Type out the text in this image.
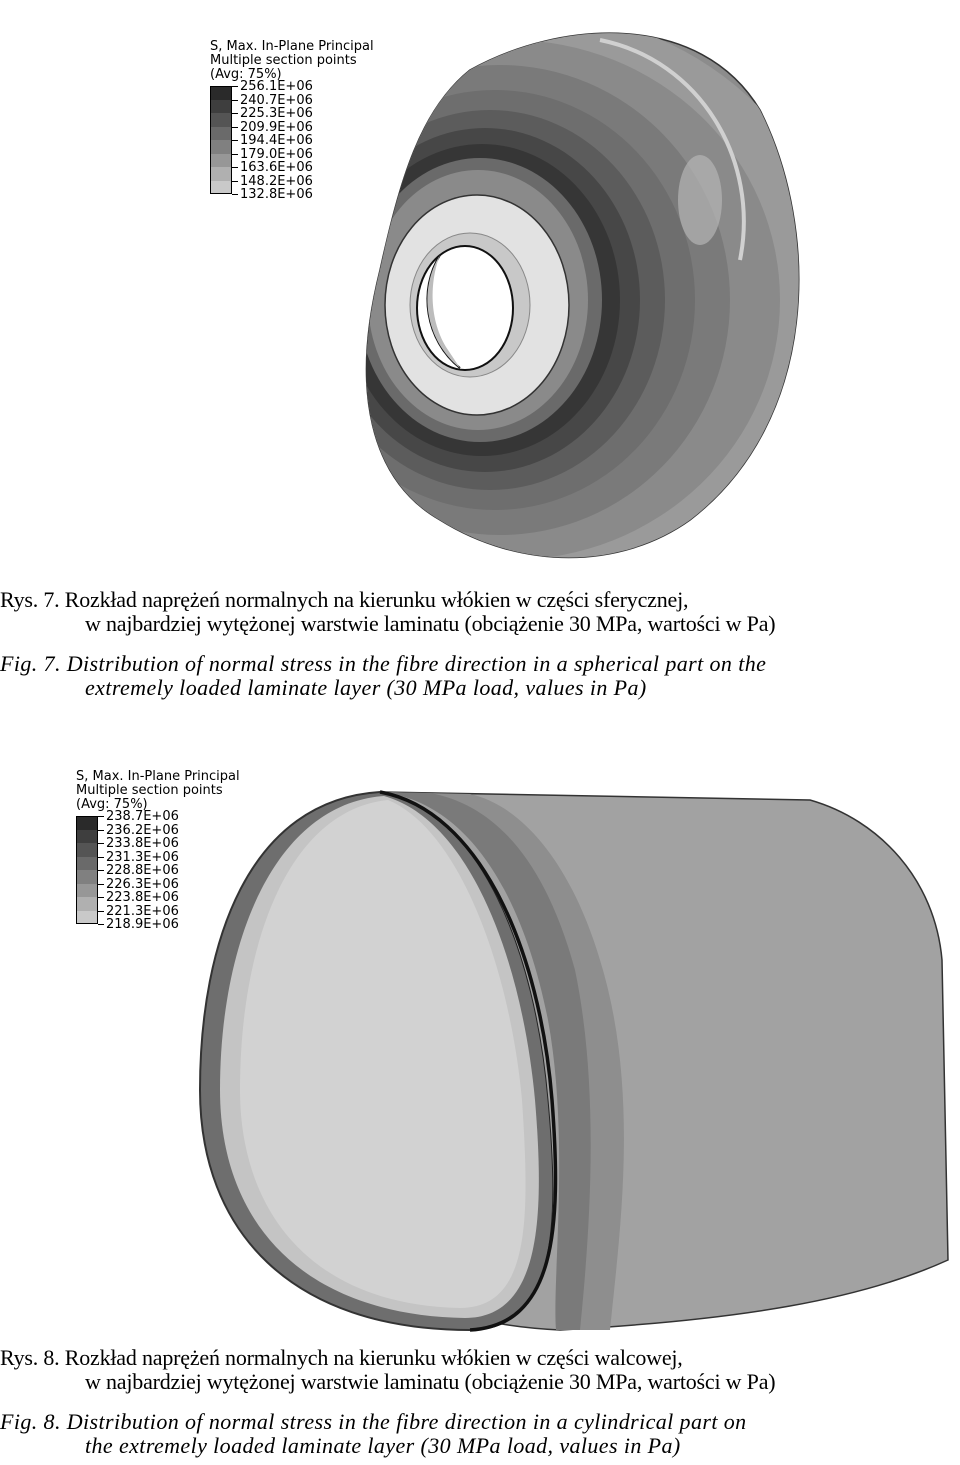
S, Max. In-Plane Principal
Multiple section points
(Avg: 75%)
256.1E+06
240.7E+06
225.3E+06
209.9E+06
194.4E+06
179.0E+06
163.6E+06
148.2E+06
132.8E+06
Rys. 7. Rozkład naprężeń normalnych na kierunku włókien w części sferycznej,
w najbardziej wytężonej warstwie laminatu (obciążenie 30 MPa, wartości w Pa)
Fig. 7. Distribution of normal stress in the fibre direction in a spherical part on the
extremely loaded laminate layer (30 MPa load, values in Pa)
S, Max. In-Plane Principal
Multiple section points
(Avg: 75%)
238.7E+06
236.2E+06
233.8E+06
231.3E+06
228.8E+06
226.3E+06
223.8E+06
221.3E+06
218.9E+06
Rys. 8. Rozkład naprężeń normalnych na kierunku włókien w części walcowej,
w najbardziej wytężonej warstwie laminatu (obciążenie 30 MPa, wartości w Pa)
Fig. 8. Distribution of normal stress in the fibre direction in a cylindrical part on
the extremely loaded laminate layer (30 MPa load, values in Pa)
